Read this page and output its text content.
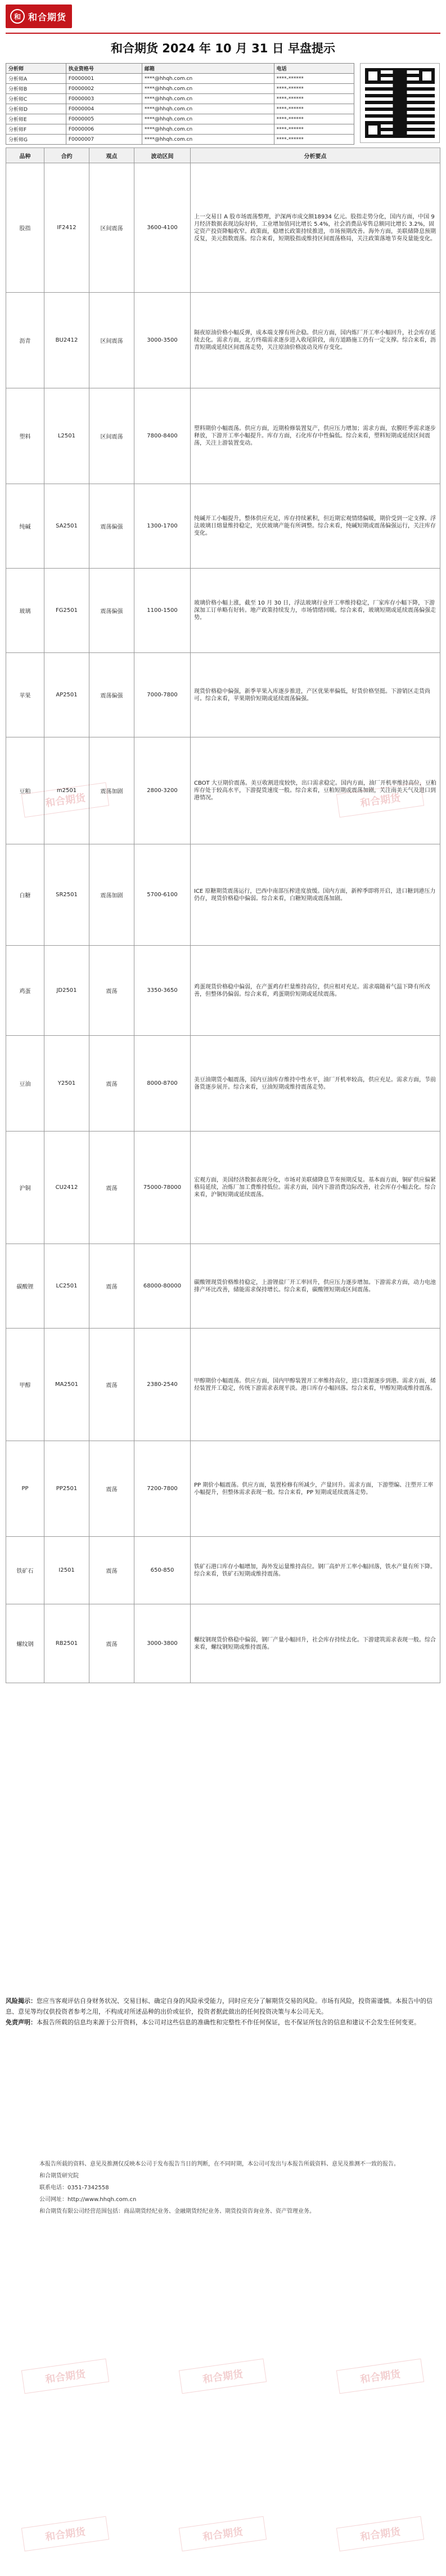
和 和合期货
和合期货 2024 年 10 月 31 日 早盘提示
分析师	执业资格号	邮箱	电话
分析师A	F0000001	****@hhqh.com.cn	****-******
分析师B	F0000002	****@hhqh.com.cn	****-******
分析师C	F0000003	****@hhqh.com.cn	****-******
分析师D	F0000004	****@hhqh.com.cn	****-******
分析师E	F0000005	****@hhqh.com.cn	****-******
分析师F	F0000006	****@hhqh.com.cn	****-******
分析师G	F0000007	****@hhqh.com.cn	****-******
品种	合约	观点	波动区间	分析要点
股指	IF2412	区间震荡	3600-4100	上一交易日 A 股市场震荡整理，沪深两市成交额18934 亿元。股指走势分化，国内方面，中国 9 月经济数据表现边际好转，工业增加值同比增长 5.4%，社会消费品零售总额同比增长 3.2%，固定资产投资降幅收窄。政策面，稳增长政策持续推进，市场预期改善。海外方面，美联储降息预期反复，美元指数震荡。综合来看，短期股指或维持区间震荡格局，关注政策落地节奏及量能变化。
沥青	BU2412	区间震荡	3000-3500	隔夜原油价格小幅反弹，成本端支撑有所企稳。供应方面，国内炼厂开工率小幅回升，社会库存延续去化。需求方面，北方终端需求逐步进入收尾阶段，南方道路施工仍有一定支撑。综合来看，沥青短期或延续区间震荡走势，关注原油价格波动及库存变化。
塑料	L2501	区间震荡	7800-8400	塑料期价小幅震荡。供应方面，近期检修装置复产，供应压力增加；需求方面，农膜旺季需求逐步释放，下游开工率小幅提升。库存方面，石化库存中性偏低。综合来看，塑料短期或延续区间震荡，关注上游装置变动。
纯碱	SA2501	震荡偏强	1300-1700	纯碱开工小幅提升，整体供应充足，库存持续累积，但近期宏观情绪偏暖，期价受到一定支撑。浮法玻璃日熔量维持稳定，光伏玻璃产能有所调整。综合来看，纯碱短期或震荡偏强运行，关注库存变化。
玻璃	FG2501	震荡偏强	1100-1500	玻璃价格小幅上涨，截至 10 月 30 日，浮法玻璃行业开工率维持稳定，厂家库存小幅下降，下游深加工订单略有好转。地产政策持续发力，市场情绪回暖。综合来看，玻璃短期或延续震荡偏强走势。
苹果	AP2501	震荡偏强	7000-7800	现货价格稳中偏强，新季苹果入库逐步推进，产区优果率偏低，好货价格坚挺。下游销区走货尚可。综合来看，苹果期价短期或延续震荡偏强。
豆粕	m2501	震荡加剧	2800-3200	CBOT 大豆期价震荡。美豆收割进度较快，出口需求稳定。国内方面，油厂开机率维持高位，豆粕库存处于较高水平，下游提货速度一般。综合来看，豆粕短期或震荡加剧，关注南美天气及进口到港情况。
白糖	SR2501	震荡加剧	5700-6100	ICE 原糖期货震荡运行，巴西中南部压榨进度放缓。国内方面，新榨季即将开启，进口糖到港压力仍存，现货价格稳中偏弱。综合来看，白糖短期或震荡加剧。
鸡蛋	JD2501	震荡	3350-3650	鸡蛋现货价格稳中偏弱，在产蛋鸡存栏量维持高位，供应相对充足。需求端随着气温下降有所改善，但整体仍偏弱。综合来看，鸡蛋期价短期或延续震荡。
豆油	Y2501	震荡	8000-8700	美豆油期货小幅震荡，国内豆油库存维持中性水平，油厂开机率较高，供应充足。需求方面，节前备货逐步展开。综合来看，豆油短期或维持震荡走势。
沪铜	CU2412	震荡	75000-78000	宏观方面，美国经济数据表现分化，市场对美联储降息节奏预期反复。基本面方面，铜矿供应偏紧格局延续，冶炼厂加工费维持低位。需求方面，国内下游消费边际改善，社会库存小幅去化。综合来看，沪铜短期或延续震荡。
碳酸锂	LC2501	震荡	68000-80000	碳酸锂现货价格维持稳定，上游锂盐厂开工率回升，供应压力逐步增加。下游需求方面，动力电池排产环比改善，储能需求保持增长。综合来看，碳酸锂短期或区间震荡。
甲醇	MA2501	震荡	2380-2540	甲醇期价小幅震荡。供应方面，国内甲醇装置开工率维持高位，进口货源逐步到港。需求方面，烯烃装置开工稳定，传统下游需求表现平淡。港口库存小幅回落。综合来看，甲醇短期或维持震荡。
PP	PP2501	震荡	7200-7800	PP 期价小幅震荡。供应方面，装置检修有所减少，产量回升。需求方面，下游塑编、注塑开工率小幅提升，但整体需求表现一般。综合来看，PP 短期或延续震荡走势。
铁矿石	I2501	震荡	650-850	铁矿石港口库存小幅增加，海外发运量维持高位。钢厂高炉开工率小幅回落，铁水产量有所下降。综合来看，铁矿石短期或维持震荡。
螺纹钢	RB2501	震荡	3000-3800	螺纹钢现货价格稳中偏弱，钢厂产量小幅回升，社会库存持续去化。下游建筑需求表现一般。综合来看，螺纹钢短期或维持震荡。
风险揭示：您应当客观评估自身财务状况、交易目标、确定自身的风险承受能力，同时应充分了解期货交易的风险。市场有风险，投资需谨慎。本报告中的信息、意见等均仅供投资者参考之用，不构成对所述品种的出价或征价，投资者据此做出的任何投资决策与本公司无关。
免责声明：本报告所载的信息均来源于公开资料，本公司对这些信息的准确性和完整性不作任何保证，也不保证所包含的信息和建议不会发生任何变更。
本报告所载的资料、意见及推测仅反映本公司于发布报告当日的判断，在不同时期，本公司可发出与本报告所载资料、意见及推测不一致的报告。
和合期货研究院
联系电话：0351-7342558
公司网址：http://www.hhqh.com.cn
和合期货有限公司经营范围包括：商品期货经纪业务、金融期货经纪业务、期货投资咨询业务、资产管理业务。
和合期货	和合期货
和合期货	和合期货	和合期货
和合期货	和合期货	和合期货
